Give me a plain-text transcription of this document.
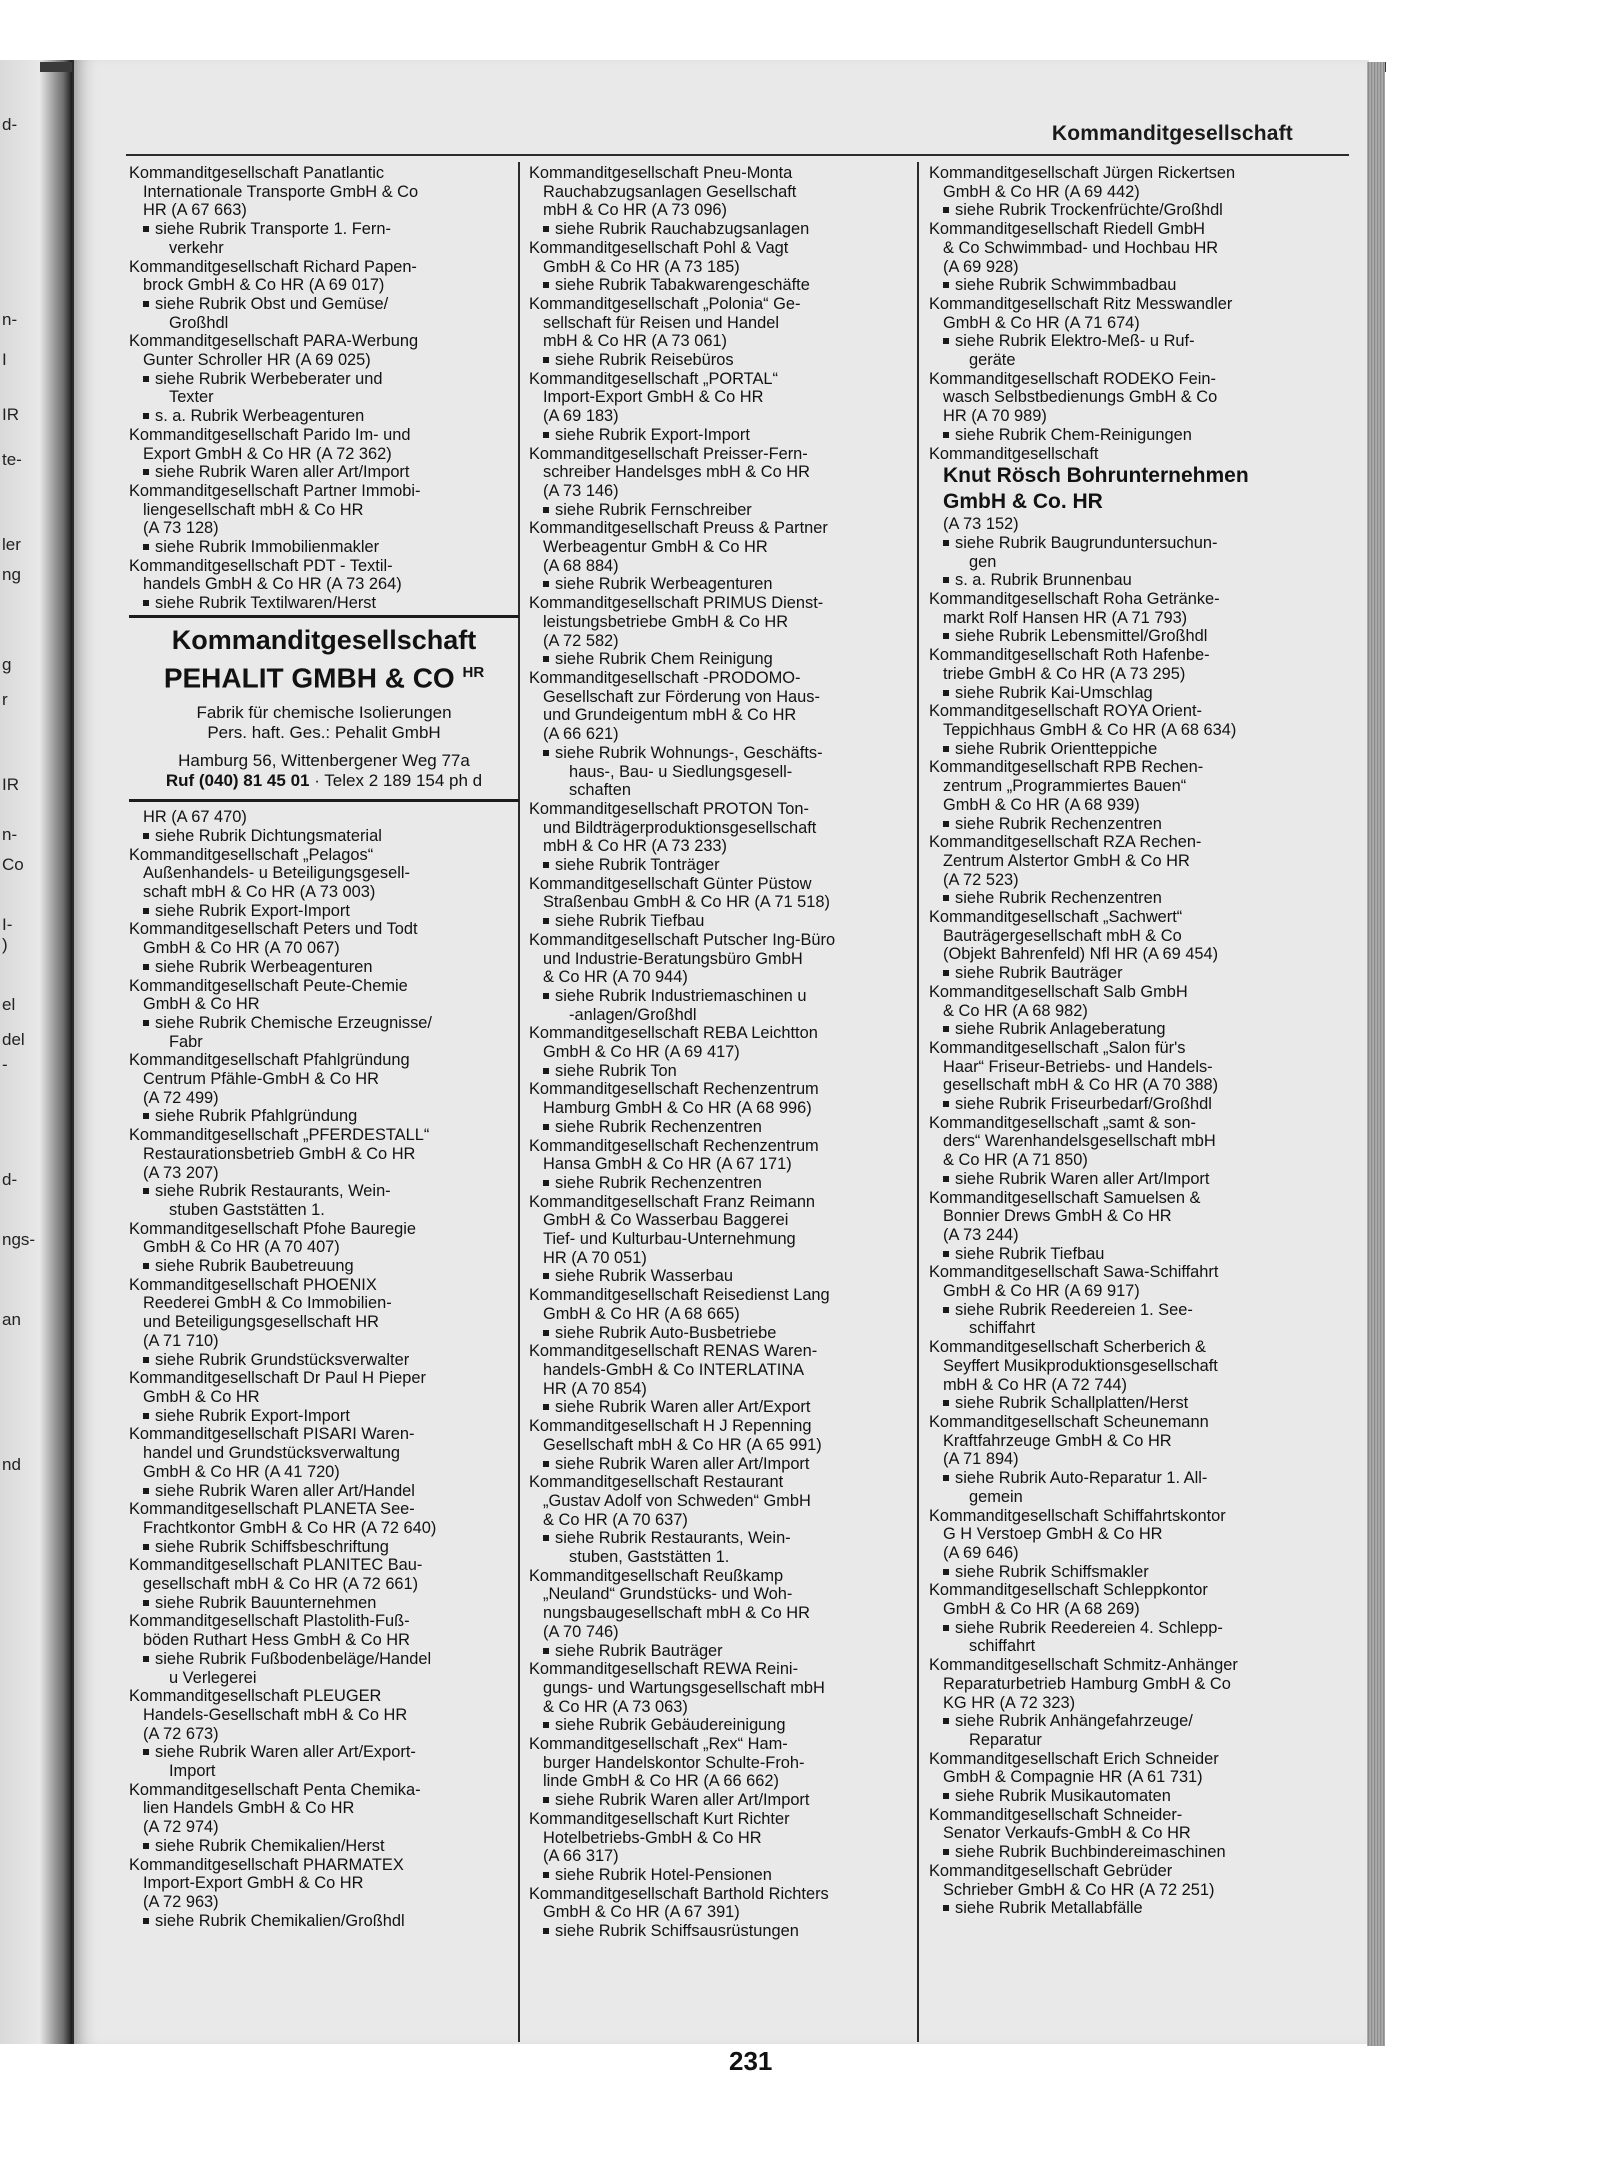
d-
n-
I
IR
te-
ler
ng
g
r
IR
n-
Co
I-
)
el
del
-
d-
ngs-
an
nd
Kommanditgesellschaft
Kommanditgesellschaft Panatlantic
Internationale Transporte GmbH & Co
HR (A 67 663)
siehe Rubrik Transporte 1. Fern-
verkehr
Kommanditgesellschaft Richard Papen-
brock GmbH & Co HR (A 69 017)
siehe Rubrik Obst und Gemüse/
Großhdl
Kommanditgesellschaft PARA-Werbung
Gunter Schroller HR (A 69 025)
siehe Rubrik Werbeberater und
Texter
s. a. Rubrik Werbeagenturen
Kommanditgesellschaft Parido Im- und
Export GmbH & Co HR (A 72 362)
siehe Rubrik Waren aller Art/Import
Kommanditgesellschaft Partner Immobi-
liengesellschaft mbH & Co HR
(A 73 128)
siehe Rubrik Immobilienmakler
Kommanditgesellschaft PDT - Textil-
handels GmbH & Co HR (A 73 264)
siehe Rubrik Textilwaren/Herst
Kommanditgesellschaft
PEHALIT GMBH & CO $^{HR}$
Fabrik für chemische Isolierungen
Pers. haft. Ges.: Pehalit GmbH
Hamburg 56, Wittenbergener Weg 77a
Ruf (040) 81 45 01 · Telex 2 189 154 ph d
HR (A 67 470)
siehe Rubrik Dichtungsmaterial
Kommanditgesellschaft „Pelagos“
Außenhandels- u Beteiligungsgesell-
schaft mbH & Co HR (A 73 003)
siehe Rubrik Export-Import
Kommanditgesellschaft Peters und Todt
GmbH & Co HR (A 70 067)
siehe Rubrik Werbeagenturen
Kommanditgesellschaft Peute-Chemie
GmbH & Co HR
siehe Rubrik Chemische Erzeugnisse/
Fabr
Kommanditgesellschaft Pfahlgründung
Centrum Pfähle-GmbH & Co HR
(A 72 499)
siehe Rubrik Pfahlgründung
Kommanditgesellschaft „PFERDESTALL“
Restaurationsbetrieb GmbH & Co HR
(A 73 207)
siehe Rubrik Restaurants, Wein-
stuben Gaststätten 1.
Kommanditgesellschaft Pfohe Bauregie
GmbH & Co HR (A 70 407)
siehe Rubrik Baubetreuung
Kommanditgesellschaft PHOENIX
Reederei GmbH & Co Immobilien-
und Beteiligungsgesellschaft HR
(A 71 710)
siehe Rubrik Grundstücksverwalter
Kommanditgesellschaft Dr Paul H Pieper
GmbH & Co HR
siehe Rubrik Export-Import
Kommanditgesellschaft PISARI Waren-
handel und Grundstücksverwaltung
GmbH & Co HR (A 41 720)
siehe Rubrik Waren aller Art/Handel
Kommanditgesellschaft PLANETA See-
Frachtkontor GmbH & Co HR (A 72 640)
siehe Rubrik Schiffsbeschriftung
Kommanditgesellschaft PLANITEC Bau-
gesellschaft mbH & Co HR (A 72 661)
siehe Rubrik Bauunternehmen
Kommanditgesellschaft Plastolith-Fuß-
böden Ruthart Hess GmbH & Co HR
siehe Rubrik Fußbodenbeläge/Handel
u Verlegerei
Kommanditgesellschaft PLEUGER
Handels-Gesellschaft mbH & Co HR
(A 72 673)
siehe Rubrik Waren aller Art/Export-
Import
Kommanditgesellschaft Penta Chemika-
lien Handels GmbH & Co HR
(A 72 974)
siehe Rubrik Chemikalien/Herst
Kommanditgesellschaft PHARMATEX
Import-Export GmbH & Co HR
(A 72 963)
siehe Rubrik Chemikalien/Großhdl
Kommanditgesellschaft Pneu-Monta
Rauchabzugsanlagen Gesellschaft
mbH & Co HR (A 73 096)
siehe Rubrik Rauchabzugsanlagen
Kommanditgesellschaft Pohl & Vagt
GmbH & Co HR (A 73 185)
siehe Rubrik Tabakwarengeschäfte
Kommanditgesellschaft „Polonia“ Ge-
sellschaft für Reisen und Handel
mbH & Co HR (A 73 061)
siehe Rubrik Reisebüros
Kommanditgesellschaft „PORTAL“
Import-Export GmbH & Co HR
(A 69 183)
siehe Rubrik Export-Import
Kommanditgesellschaft Preisser-Fern-
schreiber Handelsges mbH & Co HR
(A 73 146)
siehe Rubrik Fernschreiber
Kommanditgesellschaft Preuss & Partner
Werbeagentur GmbH & Co HR
(A 68 884)
siehe Rubrik Werbeagenturen
Kommanditgesellschaft PRIMUS Dienst-
leistungsbetriebe GmbH & Co HR
(A 72 582)
siehe Rubrik Chem Reinigung
Kommanditgesellschaft -PRODOMO-
Gesellschaft zur Förderung von Haus-
und Grundeigentum mbH & Co HR
(A 66 621)
siehe Rubrik Wohnungs-, Geschäfts-
haus-, Bau- u Siedlungsgesell-
schaften
Kommanditgesellschaft PROTON Ton-
und Bildträgerproduktionsgesellschaft
mbH & Co HR (A 73 233)
siehe Rubrik Tonträger
Kommanditgesellschaft Günter Püstow
Straßenbau GmbH & Co HR (A 71 518)
siehe Rubrik Tiefbau
Kommanditgesellschaft Putscher Ing-Büro
und Industrie-Beratungsbüro GmbH
& Co HR (A 70 944)
siehe Rubrik Industriemaschinen u
-anlagen/Großhdl
Kommanditgesellschaft REBA Leichtton
GmbH & Co HR (A 69 417)
siehe Rubrik Ton
Kommanditgesellschaft Rechenzentrum
Hamburg GmbH & Co HR (A 68 996)
siehe Rubrik Rechenzentren
Kommanditgesellschaft Rechenzentrum
Hansa GmbH & Co HR (A 67 171)
siehe Rubrik Rechenzentren
Kommanditgesellschaft Franz Reimann
GmbH & Co Wasserbau Baggerei
Tief- und Kulturbau-Unternehmung
HR (A 70 051)
siehe Rubrik Wasserbau
Kommanditgesellschaft Reisedienst Lang
GmbH & Co HR (A 68 665)
siehe Rubrik Auto-Busbetriebe
Kommanditgesellschaft RENAS Waren-
handels-GmbH & Co INTERLATINA
HR (A 70 854)
siehe Rubrik Waren aller Art/Export
Kommanditgesellschaft H J Repenning
Gesellschaft mbH & Co HR (A 65 991)
siehe Rubrik Waren aller Art/Import
Kommanditgesellschaft Restaurant
„Gustav Adolf von Schweden“ GmbH
& Co HR (A 70 637)
siehe Rubrik Restaurants, Wein-
stuben, Gaststätten 1.
Kommanditgesellschaft Reußkamp
„Neuland“ Grundstücks- und Woh-
nungsbaugesellschaft mbH & Co HR
(A 70 746)
siehe Rubrik Bauträger
Kommanditgesellschaft REWA Reini-
gungs- und Wartungsgesellschaft mbH
& Co HR (A 73 063)
siehe Rubrik Gebäudereinigung
Kommanditgesellschaft „Rex“ Ham-
burger Handelskontor Schulte-Froh-
linde GmbH & Co HR (A 66 662)
siehe Rubrik Waren aller Art/Import
Kommanditgesellschaft Kurt Richter
Hotelbetriebs-GmbH & Co HR
(A 66 317)
siehe Rubrik Hotel-Pensionen
Kommanditgesellschaft Barthold Richters
GmbH & Co HR (A 67 391)
siehe Rubrik Schiffsausrüstungen
Kommanditgesellschaft Jürgen Rickertsen
GmbH & Co HR (A 69 442)
siehe Rubrik Trockenfrüchte/Großhdl
Kommanditgesellschaft Riedell GmbH
& Co Schwimmbad- und Hochbau HR
(A 69 928)
siehe Rubrik Schwimmbadbau
Kommanditgesellschaft Ritz Messwandler
GmbH & Co HR (A 71 674)
siehe Rubrik Elektro-Meß- u Ruf-
geräte
Kommanditgesellschaft RODEKO Fein-
wasch Selbstbedienungs GmbH & Co
HR (A 70 989)
siehe Rubrik Chem-Reinigungen
Kommanditgesellschaft
Knut Rösch Bohrunternehmen
GmbH & Co. HR
(A 73 152)
siehe Rubrik Baugrunduntersuchun-
gen
s. a. Rubrik Brunnenbau
Kommanditgesellschaft Roha Getränke-
markt Rolf Hansen HR (A 71 793)
siehe Rubrik Lebensmittel/Großhdl
Kommanditgesellschaft Roth Hafenbe-
triebe GmbH & Co HR (A 73 295)
siehe Rubrik Kai-Umschlag
Kommanditgesellschaft ROYA Orient-
Teppichhaus GmbH & Co HR (A 68 634)
siehe Rubrik Orientteppiche
Kommanditgesellschaft RPB Rechen-
zentrum „Programmiertes Bauen“
GmbH & Co HR (A 68 939)
siehe Rubrik Rechenzentren
Kommanditgesellschaft RZA Rechen-
Zentrum Alstertor GmbH & Co HR
(A 72 523)
siehe Rubrik Rechenzentren
Kommanditgesellschaft „Sachwert“
Bauträgergesellschaft mbH & Co
(Objekt Bahrenfeld) Nfl HR (A 69 454)
siehe Rubrik Bauträger
Kommanditgesellschaft Salb GmbH
& Co HR (A 68 982)
siehe Rubrik Anlageberatung
Kommanditgesellschaft „Salon für's
Haar“ Friseur-Betriebs- und Handels-
gesellschaft mbH & Co HR (A 70 388)
siehe Rubrik Friseurbedarf/Großhdl
Kommanditgesellschaft „samt & son-
ders“ Warenhandelsgesellschaft mbH
& Co HR (A 71 850)
siehe Rubrik Waren aller Art/Import
Kommanditgesellschaft Samuelsen &
Bonnier Drews GmbH & Co HR
(A 73 244)
siehe Rubrik Tiefbau
Kommanditgesellschaft Sawa-Schiffahrt
GmbH & Co HR (A 69 917)
siehe Rubrik Reedereien 1. See-
schiffahrt
Kommanditgesellschaft Scherberich &
Seyffert Musikproduktionsgesellschaft
mbH & Co HR (A 72 744)
siehe Rubrik Schallplatten/Herst
Kommanditgesellschaft Scheunemann
Kraftfahrzeuge GmbH & Co HR
(A 71 894)
siehe Rubrik Auto-Reparatur 1. All-
gemein
Kommanditgesellschaft Schiffahrtskontor
G H Verstoep GmbH & Co HR
(A 69 646)
siehe Rubrik Schiffsmakler
Kommanditgesellschaft Schleppkontor
GmbH & Co HR (A 68 269)
siehe Rubrik Reedereien 4. Schlepp-
schiffahrt
Kommanditgesellschaft Schmitz-Anhänger
Reparaturbetrieb Hamburg GmbH & Co
KG HR (A 72 323)
siehe Rubrik Anhängefahrzeuge/
Reparatur
Kommanditgesellschaft Erich Schneider
GmbH & Compagnie HR (A 61 731)
siehe Rubrik Musikautomaten
Kommanditgesellschaft Schneider-
Senator Verkaufs-GmbH & Co HR
siehe Rubrik Buchbindereimaschinen
Kommanditgesellschaft Gebrüder
Schrieber GmbH & Co HR (A 72 251)
siehe Rubrik Metallabfälle
231
